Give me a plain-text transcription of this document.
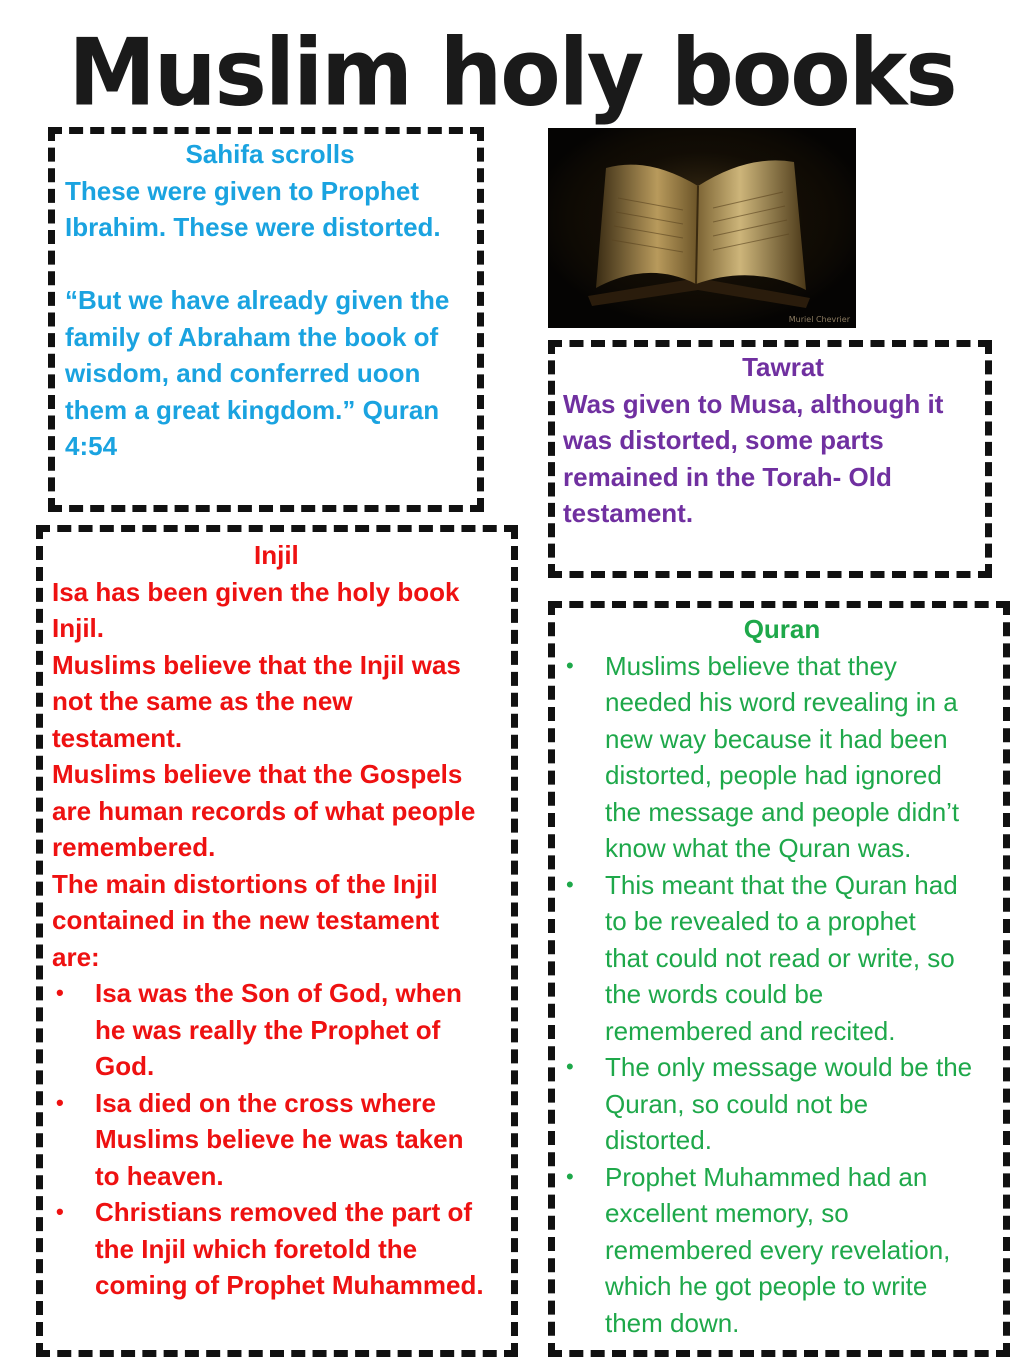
Muslim holy books
Muriel Chevrier
Sahifa scrolls
These were given to Prophet
Ibrahim. These were distorted.
“But we have already given the
family of Abraham the book of
wisdom, and conferred uoon
them a great kingdom.” Quran
4:54
Tawrat
Was given to Musa, although it
was distorted, some parts
remained in the Torah- Old
testament.
Injil
Isa has been given the holy book
Injil.
Muslims believe that the Injil was
not the same as the new
testament.
Muslims believe that the Gospels
are human records of what people
remembered.
The main distortions of the Injil
contained in the new testament
are:
• Isa was the Son of God, when
he was really the Prophet of
God.
• Isa died on the cross where
Muslims believe he was taken
to heaven.
• Christians removed the part of
the Injil which foretold the
coming of Prophet Muhammed.
Quran
• Muslims believe that they
needed his word revealing in a
new way because it had been
distorted, people had ignored
the message and people didn’t
know what the Quran was.
• This meant that the Quran had
to be revealed to a prophet
that could not read or write, so
the words could be
remembered and recited.
• The only message would be the
Quran, so could not be
distorted.
• Prophet Muhammed had an
excellent memory, so
remembered every revelation,
which he got people to write
them down.
